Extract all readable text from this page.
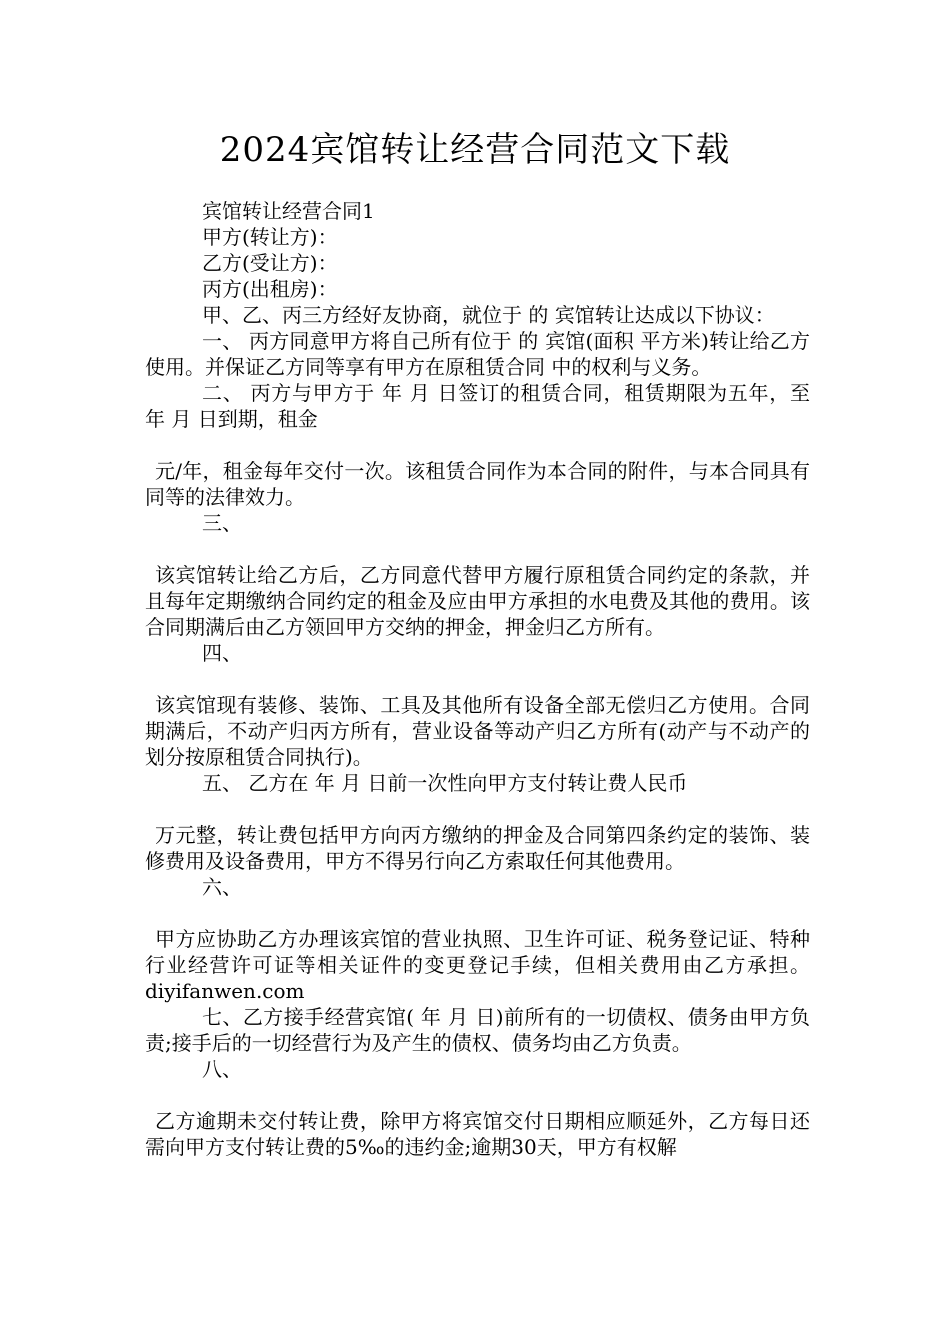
2024宾馆转让经营合同范文下载

宾馆转让经营合同1

甲方(转让方)：

乙方(受让方)：

丙方(出租房)：

甲、乙、丙三方经好友协商，就位于 的 宾馆转让达成以下协议：

一、 丙方同意甲方将自己所有位于 的 宾馆(面积 平方米)转让给乙方使用。并保证乙方同等享有甲方在原租赁合同 中的权利与义务。

二、 丙方与甲方于 年 月 日签订的租赁合同，租赁期限为五年，至 年 月 日到期，租金

元/年，租金每年交付一次。该租赁合同作为本合同的附件，与本合同具有同等的法律效力。

三、

该宾馆转让给乙方后，乙方同意代替甲方履行原租赁合同约定的条款，并且每年定期缴纳合同约定的租金及应由甲方承担的水电费及其他的费用。该合同期满后由乙方领回甲方交纳的押金，押金归乙方所有。

四、

该宾馆现有装修、装饰、工具及其他所有设备全部无偿归乙方使用。合同期满后，不动产归丙方所有，营业设备等动产归乙方所有(动产与不动产的划分按原租赁合同执行)。

五、 乙方在 年 月 日前一次性向甲方支付转让费人民币

万元整，转让费包括甲方向丙方缴纳的押金及合同第四条约定的装饰、装修费用及设备费用，甲方不得另行向乙方索取任何其他费用。

六、

甲方应协助乙方办理该宾馆的营业执照、卫生许可证、税务登记证、特种行业经营许可证等相关证件的变更登记手续，但相关费用由乙方承担。diyifanwen.com

七、乙方接手经营宾馆( 年 月 日)前所有的一切债权、债务由甲方负责;接手后的一切经营行为及产生的债权、债务均由乙方负责。

八、

乙方逾期未交付转让费，除甲方将宾馆交付日期相应顺延外，乙方每日还需向甲方支付转让费的5‰的违约金;逾期30天，甲方有权解
